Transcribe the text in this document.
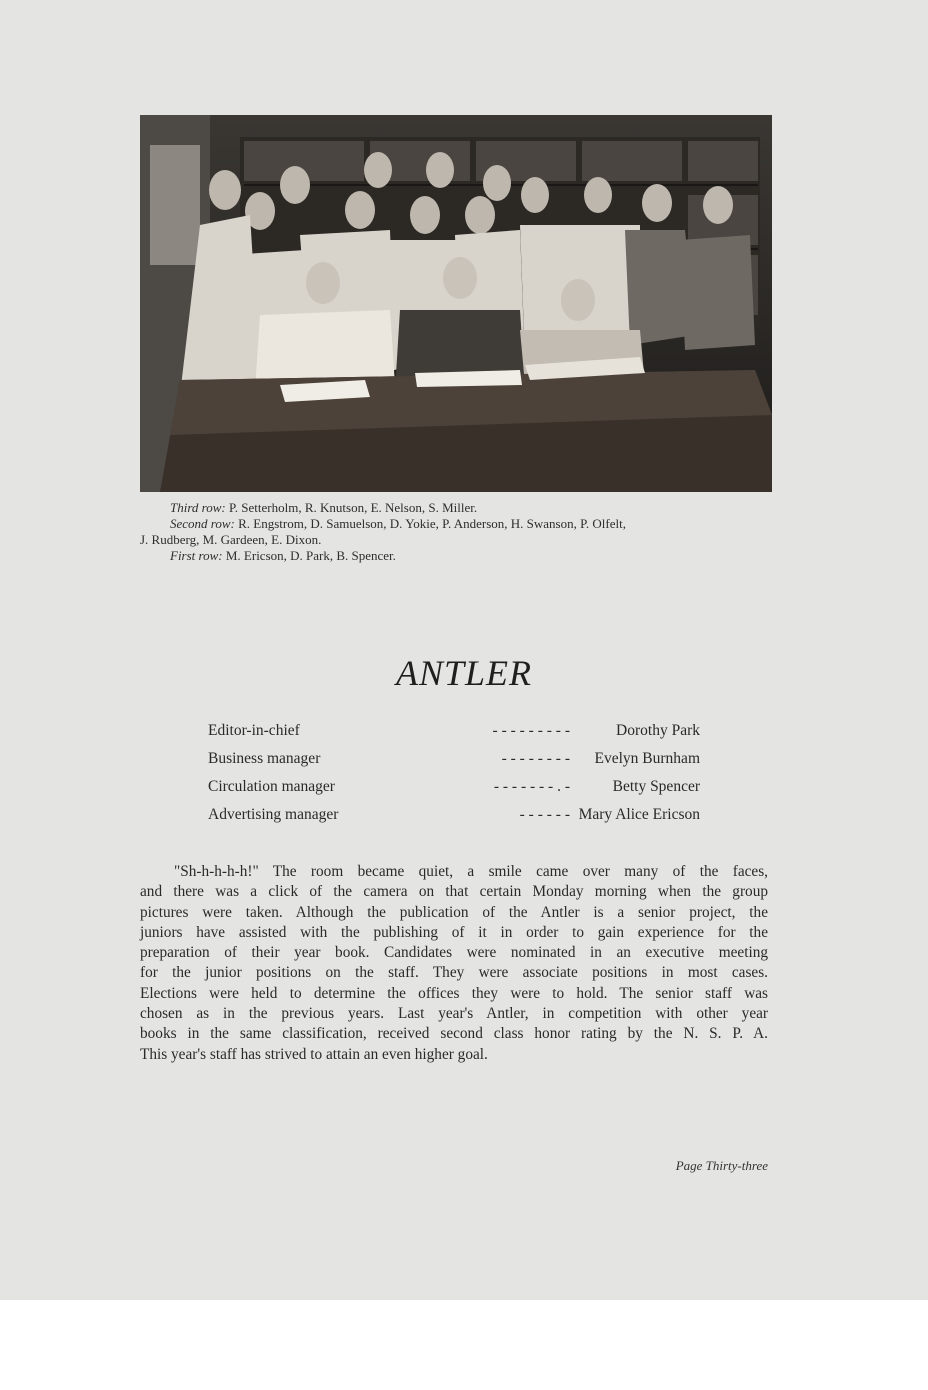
Third row: P. Setterholm, R. Knutson, E. Nelson, S. Miller.
Second row: R. Engstrom, D. Samuelson, D. Yokie, P. Anderson, H. Swanson, P. Olfelt,
J. Rudberg, M. Gardeen, E. Dixon.
First row: M. Ericson, D. Park, B. Spencer.
ANTLER
- - - - - - - - -
Editor-in-chief	Dorothy Park
- - - - - - - -
Business manager	Evelyn Burnham
- - - - - - - . -
Circulation manager	Betty Spencer
- - - - - -
Advertising manager	Mary Alice Ericson
"Sh-h-h-h-h!" The room became quiet, a smile came over many of the faces,
and there was a click of the camera on that certain Monday morning when the group
pictures were taken. Although the publication of the Antler is a senior project, the
juniors have assisted with the publishing of it in order to gain experience for the
preparation of their year book. Candidates were nominated in an executive meeting
for the junior positions on the staff. They were associate positions in most cases.
Elections were held to determine the offices they were to hold. The senior staff was
chosen as in the previous years. Last year's Antler, in competition with other year
books in the same classification, received second class honor rating by the N. S. P. A.
This year's staff has strived to attain an even higher goal.
Page Thirty-three
